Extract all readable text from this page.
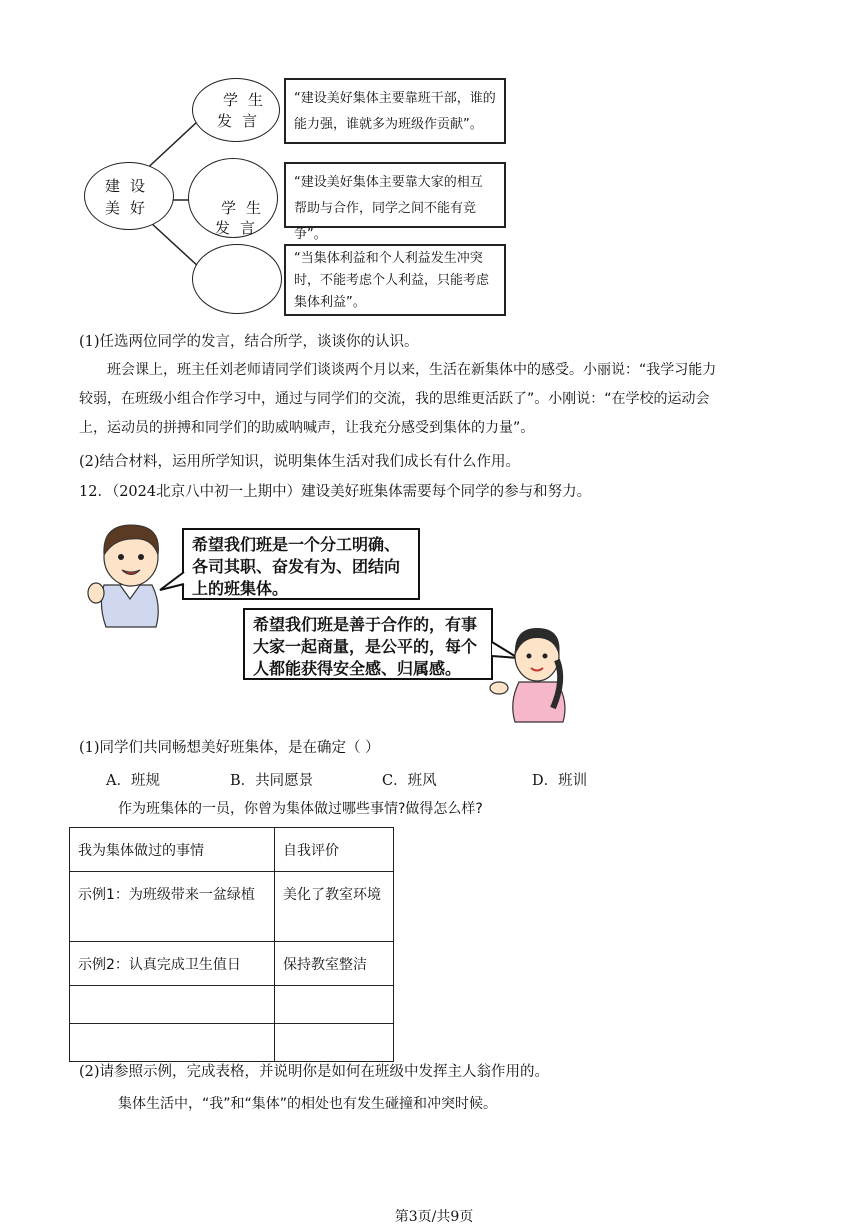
建设
美好
学生
发言
学生
发言
“建设美好集体主要靠班干部，谁的能力强，谁就多为班级作贡献”。
“建设美好集体主要靠大家的相互 帮助与合作，同学之间不能有竞争”。
“当集体利益和个人利益发生冲突 时，不能考虑个人利益，只能考虑集体利益”。
(1)任选两位同学的发言，结合所学，谈谈你的认识。
班会课上，班主任刘老师请同学们谈谈两个月以来，生活在新集体中的感受。小丽说：“我学习能力
较弱，在班级小组合作学习中，通过与同学们的交流，我的思维更活跃了”。小刚说：“在学校的运动会
上，运动员的拼搏和同学们的助威呐喊声，让我充分感受到集体的力量”。
(2)结合材料，运用所学知识，说明集体生活对我们成长有什么作用。
12．（2024北京八中初一上期中）建设美好班集体需要每个同学的参与和努力。
希望我们班是一个分工明确、各司其职、奋发有为、团结向上的班集体。
希望我们班是善于合作的，有事大家一起商量，是公平的，每个人都能获得安全感、归属感。
(1)同学们共同畅想美好班集体，是在确定（ ）
A．班规	B．共同愿景	C．班风	D．班训
作为班集体的一员，你曾为集体做过哪些事情?做得怎么样?
我为集体做过的事情	自我评价
示例1：为班级带来一盆绿植	美化了教室环境
示例2：认真完成卫生值日	保持教室整洁

(2)请参照示例，完成表格，并说明你是如何在班级中发挥主人翁作用的。
集体生活中，“我”和“集体”的相处也有发生碰撞和冲突时候。
第3页/共9页
